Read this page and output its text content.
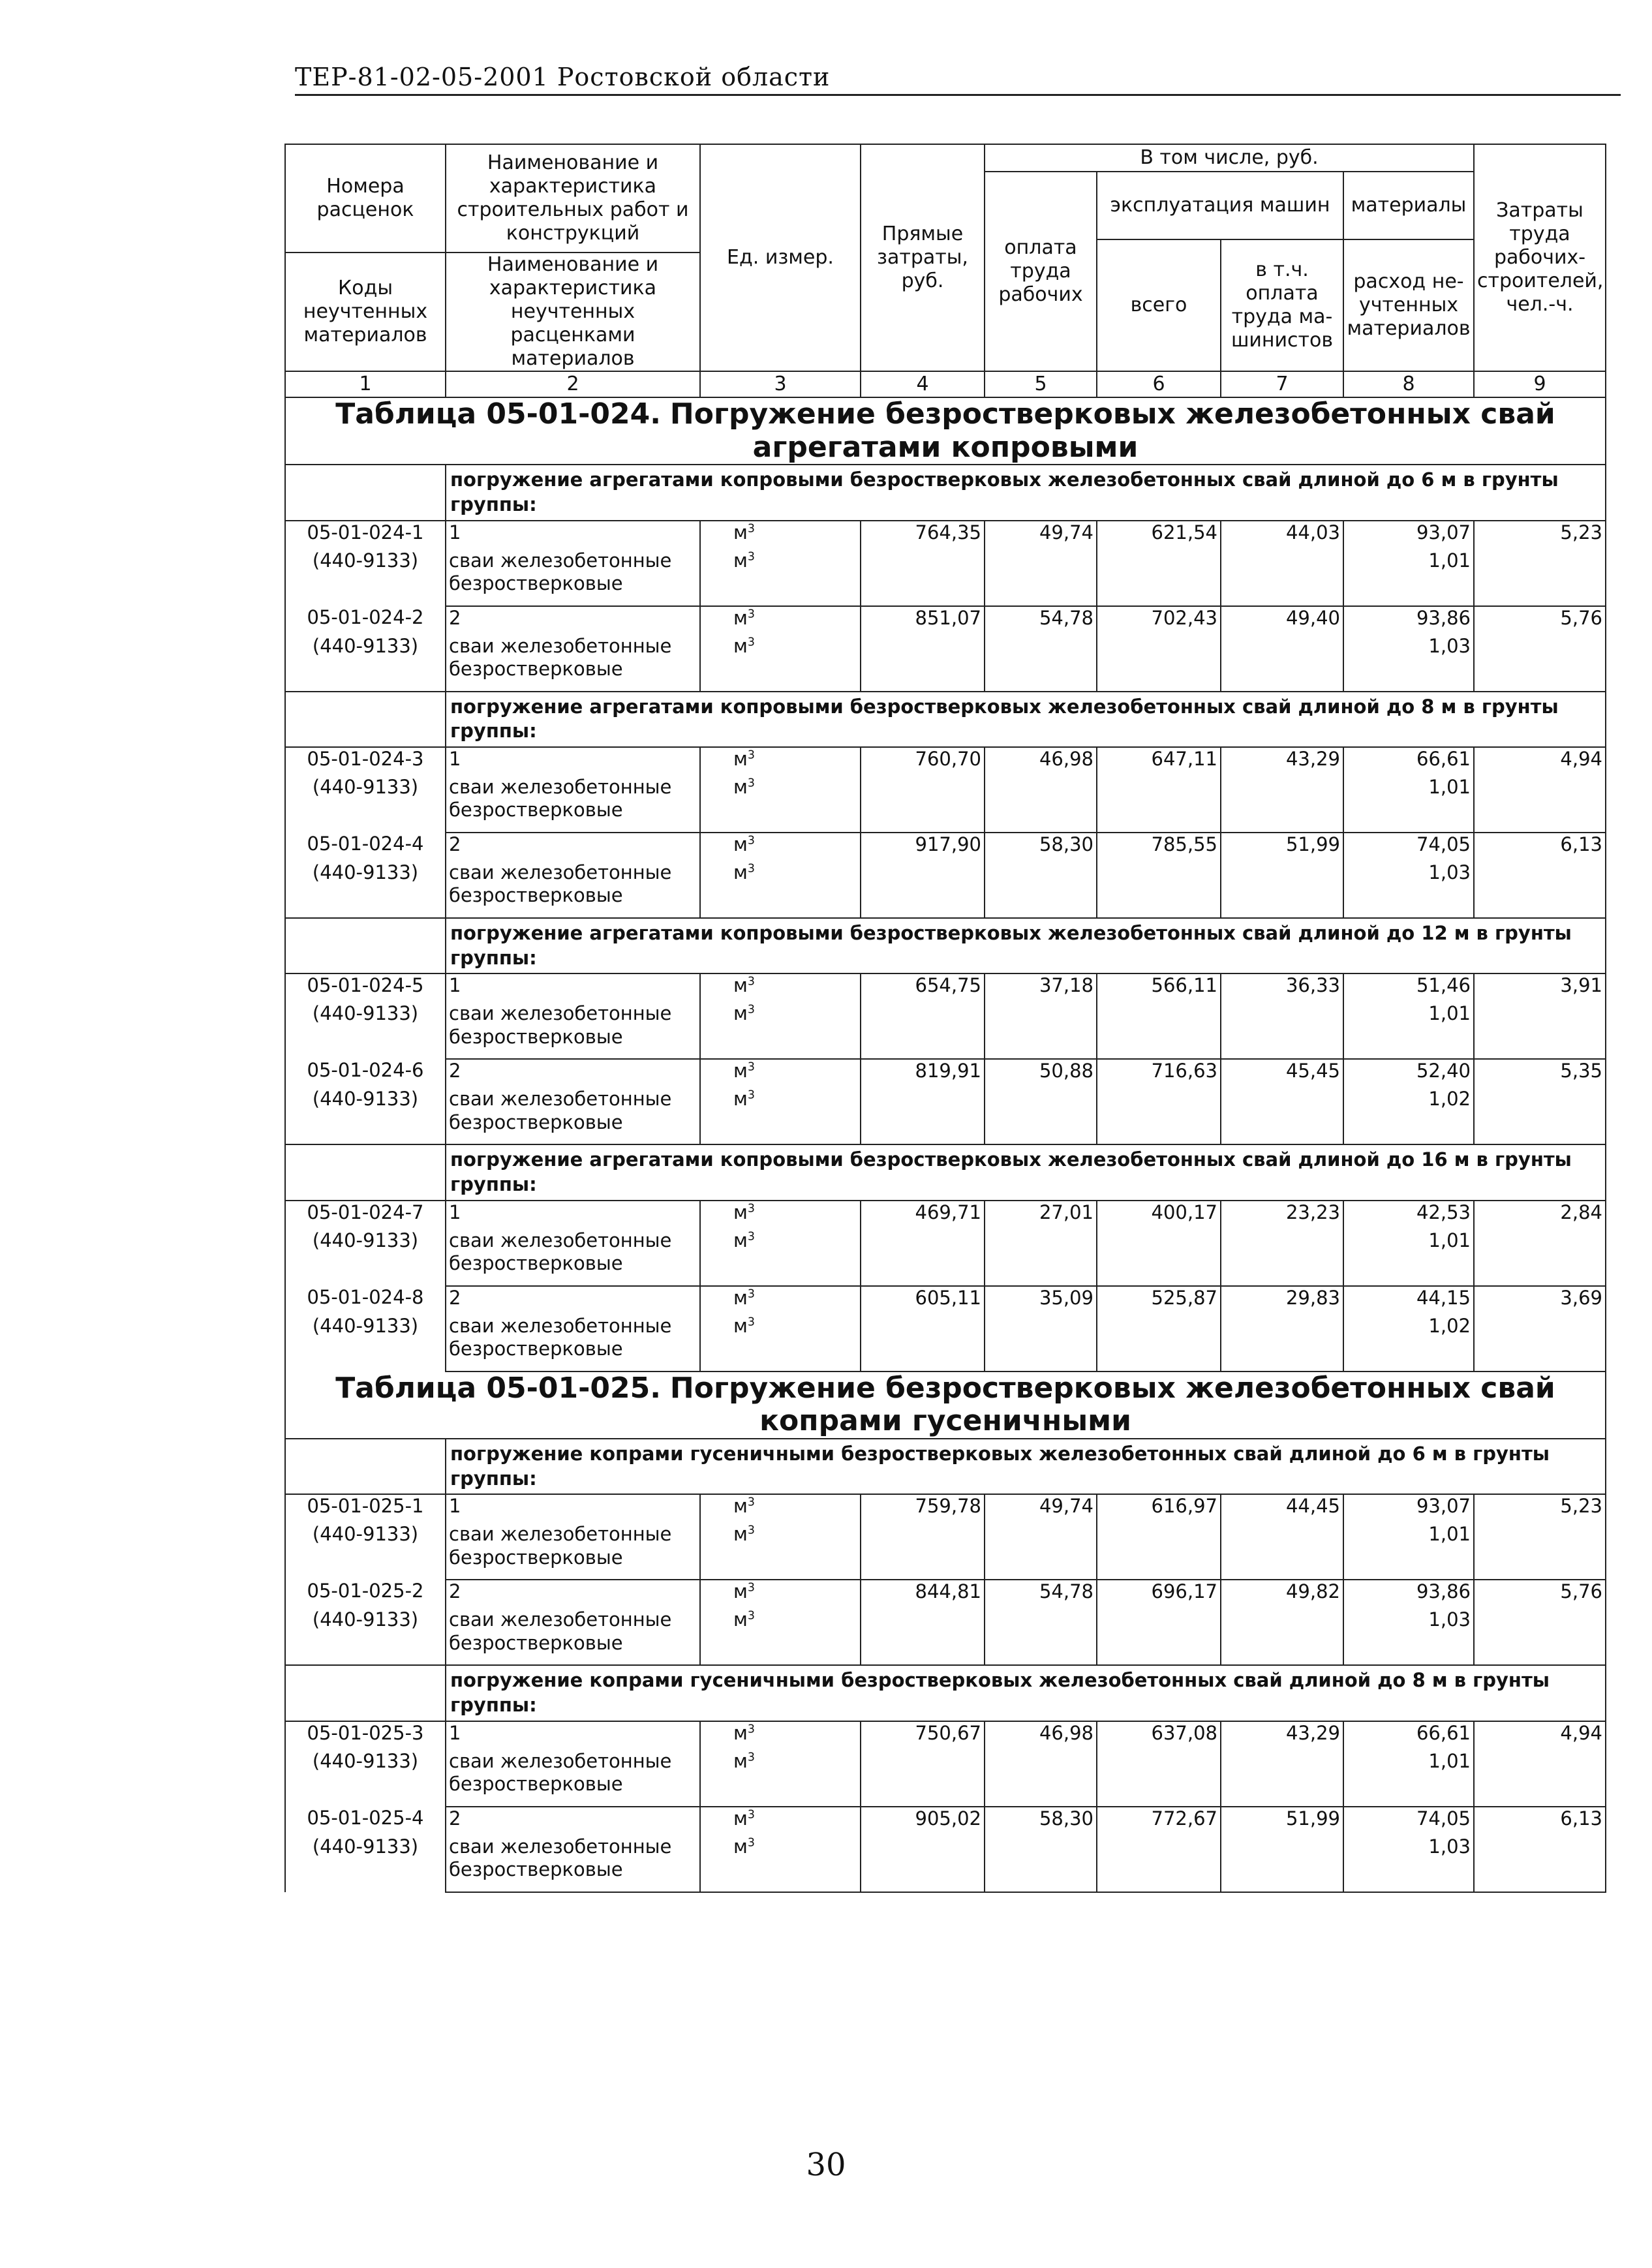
ТЕР-81-02-05-2001 Ростовской области
Номера расценок	Наименование и характеристика строительных работ и конструкций	Ед. измер.	Прямые затраты, руб.	В том числе, руб.				Затраты труда рабочих-строителей, чел.-ч.
				оплата труда рабочих	эксплуатация машин		материалы	
					всего	в т.ч. оплата труда ма-шинистов	расход не-учтенных материалов	
Коды неучтенных материалов	Наименование и характеристика неучтенных расценками материалов							
1	2	3	4	5	6	7	8	9
Таблица 05-01-024. Погружение безростверковых железобетонных свай агрегатами копровыми								
	погружение агрегатами копровыми безростверковых железобетонных свай длиной до 6 м в грунты группы:							
05-01-024-1	1	$м^3$	764,35	49,74	621,54	44,03	93,07	5,23
(440-9133)	сваи железобетонные безростверковые	$м^3$					1,01	

05-01-024-2	2	$м^3$	851,07	54,78	702,43	49,40	93,86	5,76
(440-9133)	сваи железобетонные безростверковые	$м^3$					1,03	

	погружение агрегатами копровыми безростверковых железобетонных свай длиной до 8 м в грунты группы:							
05-01-024-3	1	$м^3$	760,70	46,98	647,11	43,29	66,61	4,94
(440-9133)	сваи железобетонные безростверковые	$м^3$					1,01	

05-01-024-4	2	$м^3$	917,90	58,30	785,55	51,99	74,05	6,13
(440-9133)	сваи железобетонные безростверковые	$м^3$					1,03	

	погружение агрегатами копровыми безростверковых железобетонных свай длиной до 12 м в грунты группы:							
05-01-024-5	1	$м^3$	654,75	37,18	566,11	36,33	51,46	3,91
(440-9133)	сваи железобетонные безростверковые	$м^3$					1,01	

05-01-024-6	2	$м^3$	819,91	50,88	716,63	45,45	52,40	5,35
(440-9133)	сваи железобетонные безростверковые	$м^3$					1,02	

	погружение агрегатами копровыми безростверковых железобетонных свай длиной до 16 м в грунты группы:							
05-01-024-7	1	$м^3$	469,71	27,01	400,17	23,23	42,53	2,84
(440-9133)	сваи железобетонные безростверковые	$м^3$					1,01	

05-01-024-8	2	$м^3$	605,11	35,09	525,87	29,83	44,15	3,69
(440-9133)	сваи железобетонные безростверковые	$м^3$					1,02	

Таблица 05-01-025. Погружение безростверковых железобетонных свай копрами гусеничными								
	погружение копрами гусеничными безростверковых железобетонных свай длиной до 6 м в грунты группы:							
05-01-025-1	1	$м^3$	759,78	49,74	616,97	44,45	93,07	5,23
(440-9133)	сваи железобетонные безростверковые	$м^3$					1,01	

05-01-025-2	2	$м^3$	844,81	54,78	696,17	49,82	93,86	5,76
(440-9133)	сваи железобетонные безростверковые	$м^3$					1,03	

	погружение копрами гусеничными безростверковых железобетонных свай длиной до 8 м в грунты группы:							
05-01-025-3	1	$м^3$	750,67	46,98	637,08	43,29	66,61	4,94
(440-9133)	сваи железобетонные безростверковые	$м^3$					1,01	

05-01-025-4	2	$м^3$	905,02	58,30	772,67	51,99	74,05	6,13
(440-9133)	сваи железобетонные безростверковые	$м^3$					1,03	

30
